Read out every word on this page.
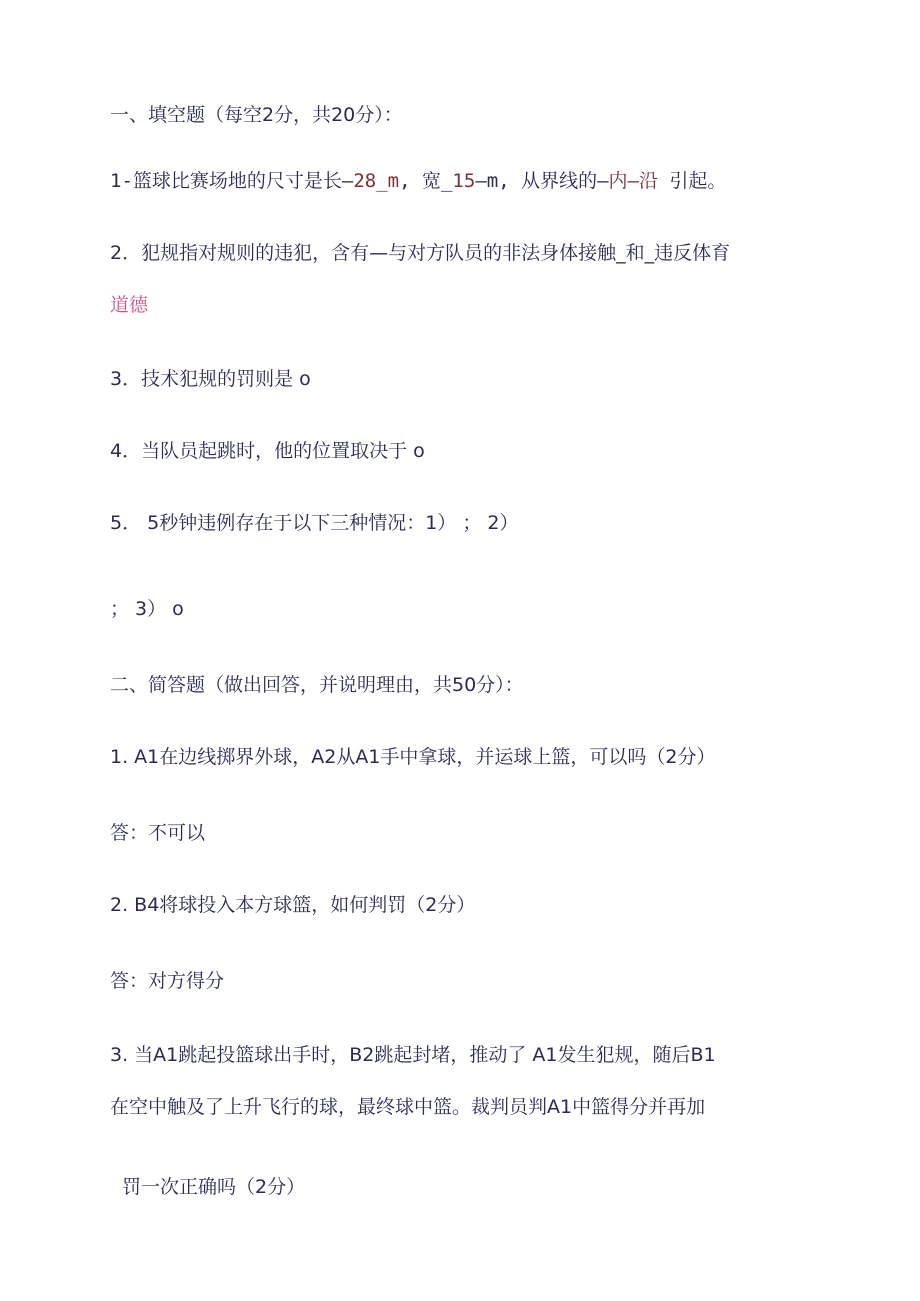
一、填空题（每空2分，共20分）：
1-篮球比赛场地的尺寸是长—28_m, 宽_15—m, 从界线的—内—沿 引起。
2．犯规指对规则的违犯，含有—与对方队员的非法身体接触_和_违反体育
道德
3．技术犯规的罚则是 o
4．当队员起跳时，他的位置取决于 o
5． 5秒钟违例存在于以下三种情况：1） ； 2）
； 3） o
二、简答题（做出回答，并说明理由，共50分）：
1. A1在边线掷界外球，A2从A1手中拿球，并运球上篮，可以吗（2分）
答：不可以
2. B4将球投入本方球篮，如何判罚（2分）
答：对方得分
3. 当A1跳起投篮球出手时，B2跳起封堵，推动了 A1发生犯规，随后B1
在空中触及了上升飞行的球，最终球中篮。裁判员判A1中篮得分并再加
罚一次正确吗（2分）
